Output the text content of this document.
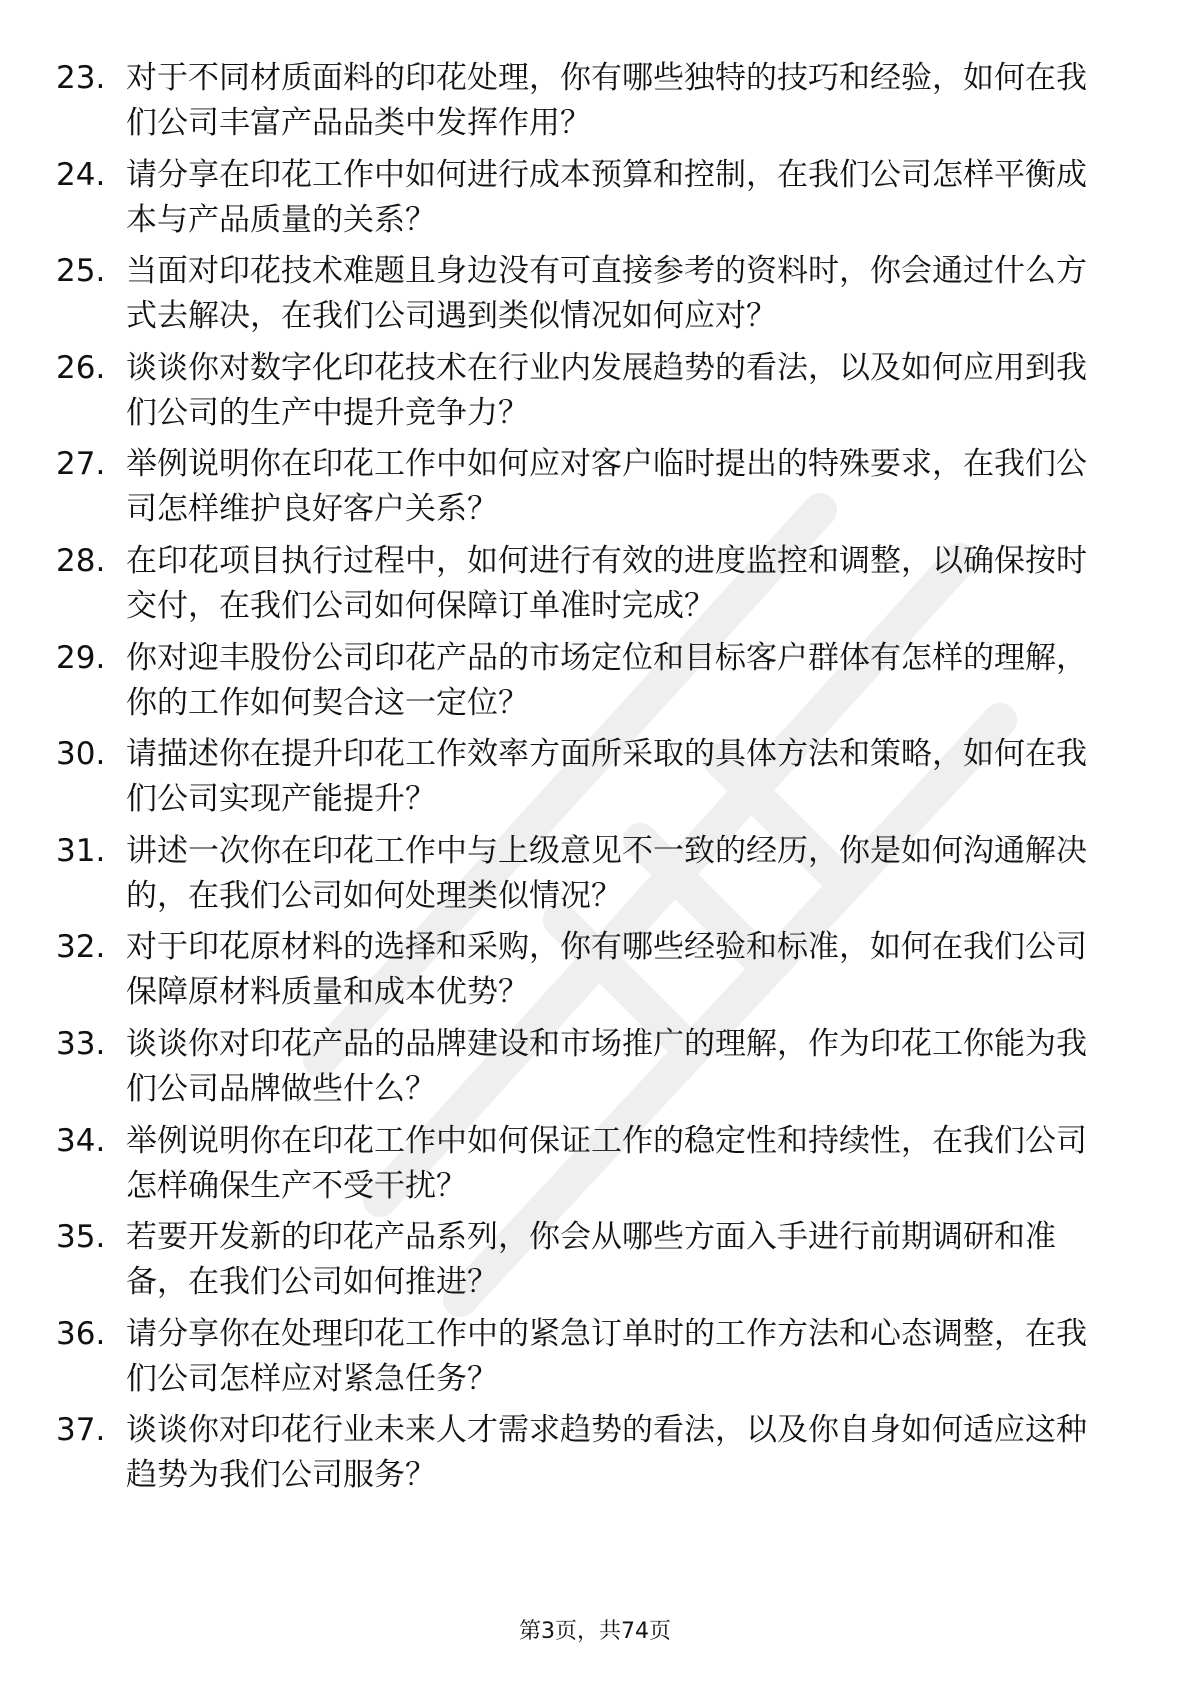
23. 对于不同材质面料的印花处理，你有哪些独特的技巧和经验，如何在我们公司丰富产品品类中发挥作用？
24. 请分享在印花工作中如何进行成本预算和控制，在我们公司怎样平衡成本与产品质量的关系？
25. 当面对印花技术难题且身边没有可直接参考的资料时，你会通过什么方式去解决，在我们公司遇到类似情况如何应对？
26. 谈谈你对数字化印花技术在行业内发展趋势的看法，以及如何应用到我们公司的生产中提升竞争力？
27. 举例说明你在印花工作中如何应对客户临时提出的特殊要求，在我们公司怎样维护良好客户关系？
28. 在印花项目执行过程中，如何进行有效的进度监控和调整，以确保按时交付，在我们公司如何保障订单准时完成？
29. 你对迎丰股份公司印花产品的市场定位和目标客户群体有怎样的理解，你的工作如何契合这一定位？
30. 请描述你在提升印花工作效率方面所采取的具体方法和策略，如何在我们公司实现产能提升？
31. 讲述一次你在印花工作中与上级意见不一致的经历，你是如何沟通解决的，在我们公司如何处理类似情况？
32. 对于印花原材料的选择和采购，你有哪些经验和标准，如何在我们公司保障原材料质量和成本优势？
33. 谈谈你对印花产品的品牌建设和市场推广的理解，作为印花工你能为我们公司品牌做些什么？
34. 举例说明你在印花工作中如何保证工作的稳定性和持续性，在我们公司怎样确保生产不受干扰？
35. 若要开发新的印花产品系列，你会从哪些方面入手进行前期调研和准备，在我们公司如何推进？
36. 请分享你在处理印花工作中的紧急订单时的工作方法和心态调整，在我们公司怎样应对紧急任务？
37. 谈谈你对印花行业未来人才需求趋势的看法，以及你自身如何适应这种趋势为我们公司服务？
第3页，共74页
